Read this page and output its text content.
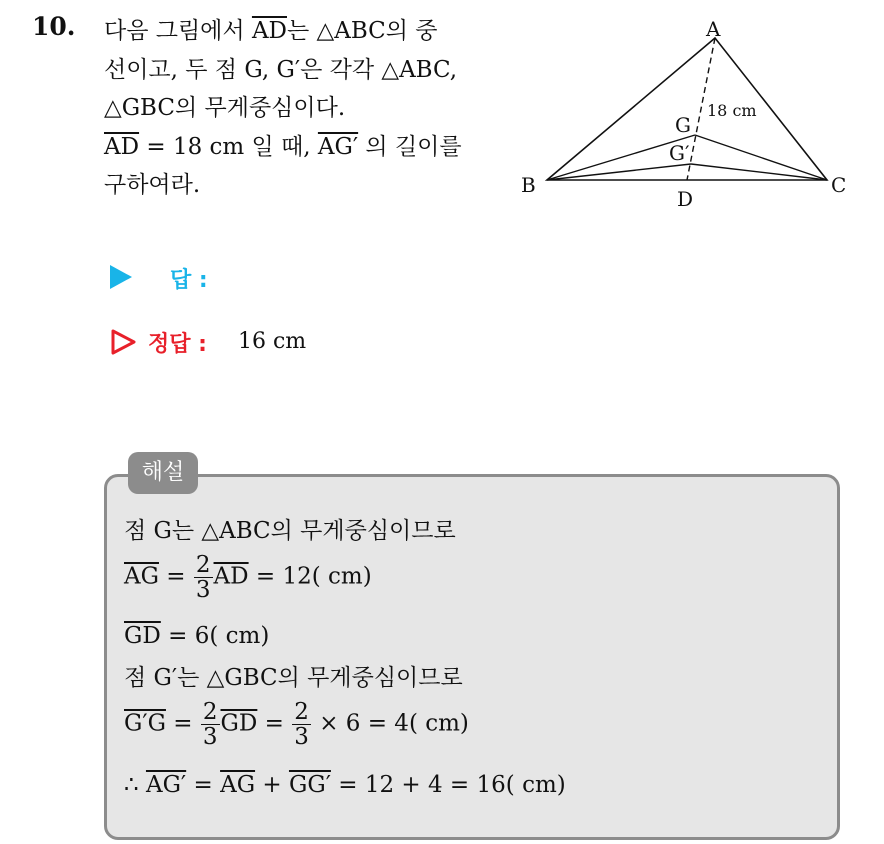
10. 다음 그림에서 $\overline{AD}$는 △ABC의 중
선이고, 두 점 G, G′은 각각 △ABC,
△GBC의 무게중심이다.
$\overline{AD} = 18$ cm 일 때, AG′ 의 길이를
구하여라.
A
B	C
D
G
G′
18 cm
답 :
정답 : 16 cm
해설
점 G는 △ABC의 무게중심이므로
$\overline{AG} = \frac{2}{3} \overline{AD} = 12$( cm)
$\overline{GD} = 6$( cm)
점 G′는 △GBC의 무게중심이므로
$G'G = \frac{2}{3} \overline{GD} = \frac{2}{3} \times 6 = 4$( cm)
∴ $AG' = \overline{AG} + GG' = 12 + 4 = 16$( cm)
